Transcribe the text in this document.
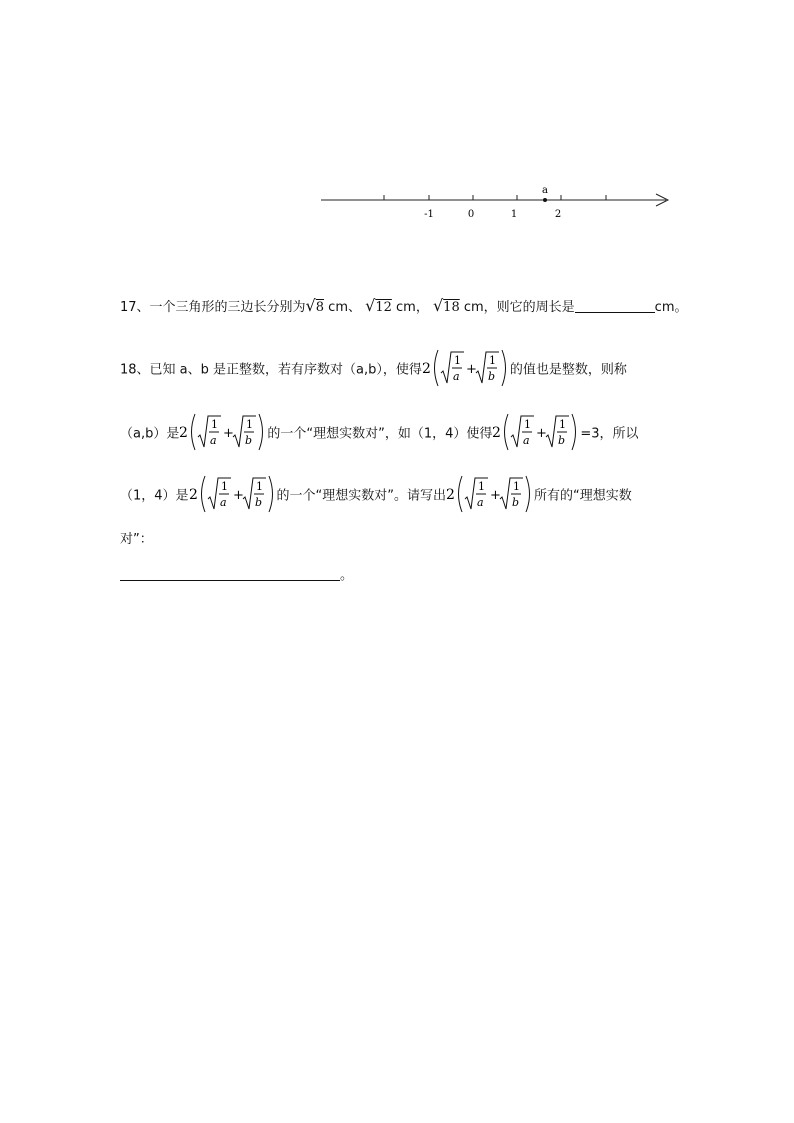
a
-1	0	1	2
17、一个三角形的三边长分别为√8 cm、 √12 cm， √18 cm，则它的周长是	cm。
18、已知 a、b 是正整数，若有序数对（a,b），使得 2
1
a +
1
b 的值也是整数，则称
（a,b）是 2
1
a +
1
b 的一个“理想实数对”，如（1，4）使得 2
1
a +
1
b =3，所以
（1，4）是 2
1
a +
1
b 的一个“理想实数对”。请写出 2
1
a +
1
b 所有的“理想实数
对”：
。
